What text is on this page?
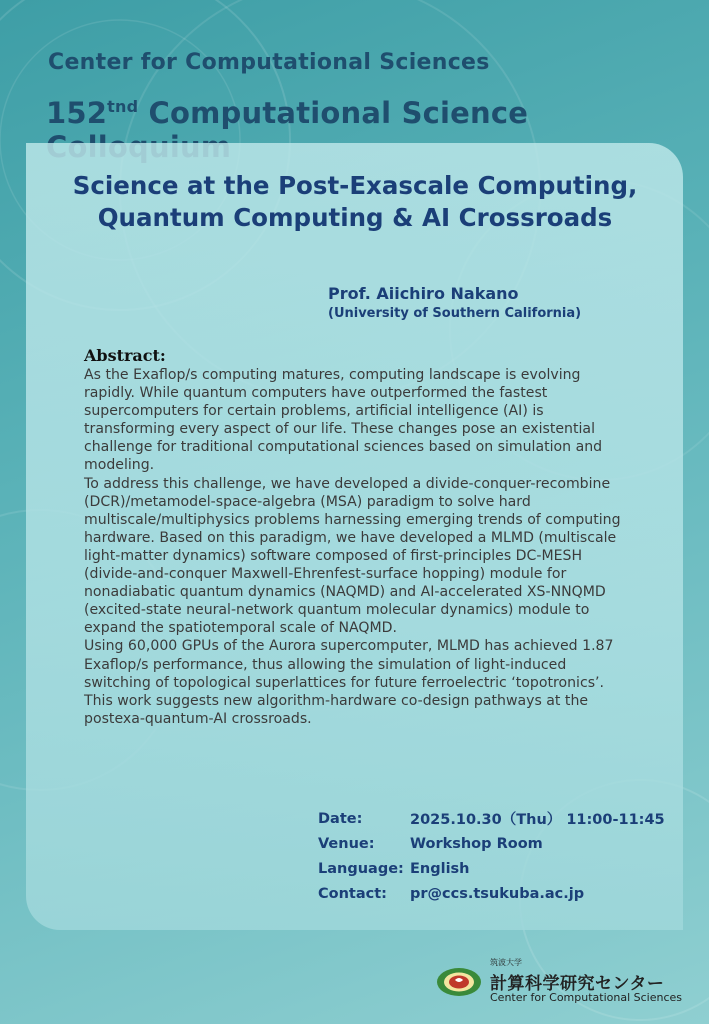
Center for Computational Sciences
$152^{tnd}$ Computational Science
Science at the Post-Exascale Computing,
Quantum Computing & AI Crossroads

Prof. Aiichiro Nakano

(University of Southern California)

Abstract:

As the Exaflop/s computing matures, computing landscape is evolving rapidly. While quantum computers have outperformed the fastest supercomputers for certain problems, artificial intelligence (AI) is transforming every aspect of our life. These changes pose an existential challenge for traditional computational sciences based on simulation and modeling.

To address this challenge, we have developed a divide-conquer-recombine (DCR)/metamodel-space-algebra (MSA) paradigm to solve hard multiscale/multiphysics problems harnessing emerging trends of computing hardware. Based on this paradigm, we have developed a MLMD (multiscale light-matter dynamics) software composed of first-principles DC-MESH (divide-and-conquer Maxwell-Ehrenfest-surface hopping) module for nonadiabatic quantum dynamics (NAQMD) and AI-accelerated XS-NNQMD (excited-state neural-network quantum molecular dynamics) module to expand the spatiotemporal scale of NAQMD.

Using 60,000 GPUs of the Aurora supercomputer, MLMD has achieved 1.87 Exaflop/s performance, thus allowing the simulation of light-induced switching of topological superlattices for future ferroelectric ‘topotronics’. This work suggests new algorithm-hardware co-design pathways at the postexa-quantum-AI crossroads.

Date:	2025.10.30（Thu） 11:00-11:45
Venue:	Workshop Room
Language: English
Contact:	pr@ccs.tsukuba.ac.jp
筑波大学
計算科学研究センター
Center for Computational Sciences
